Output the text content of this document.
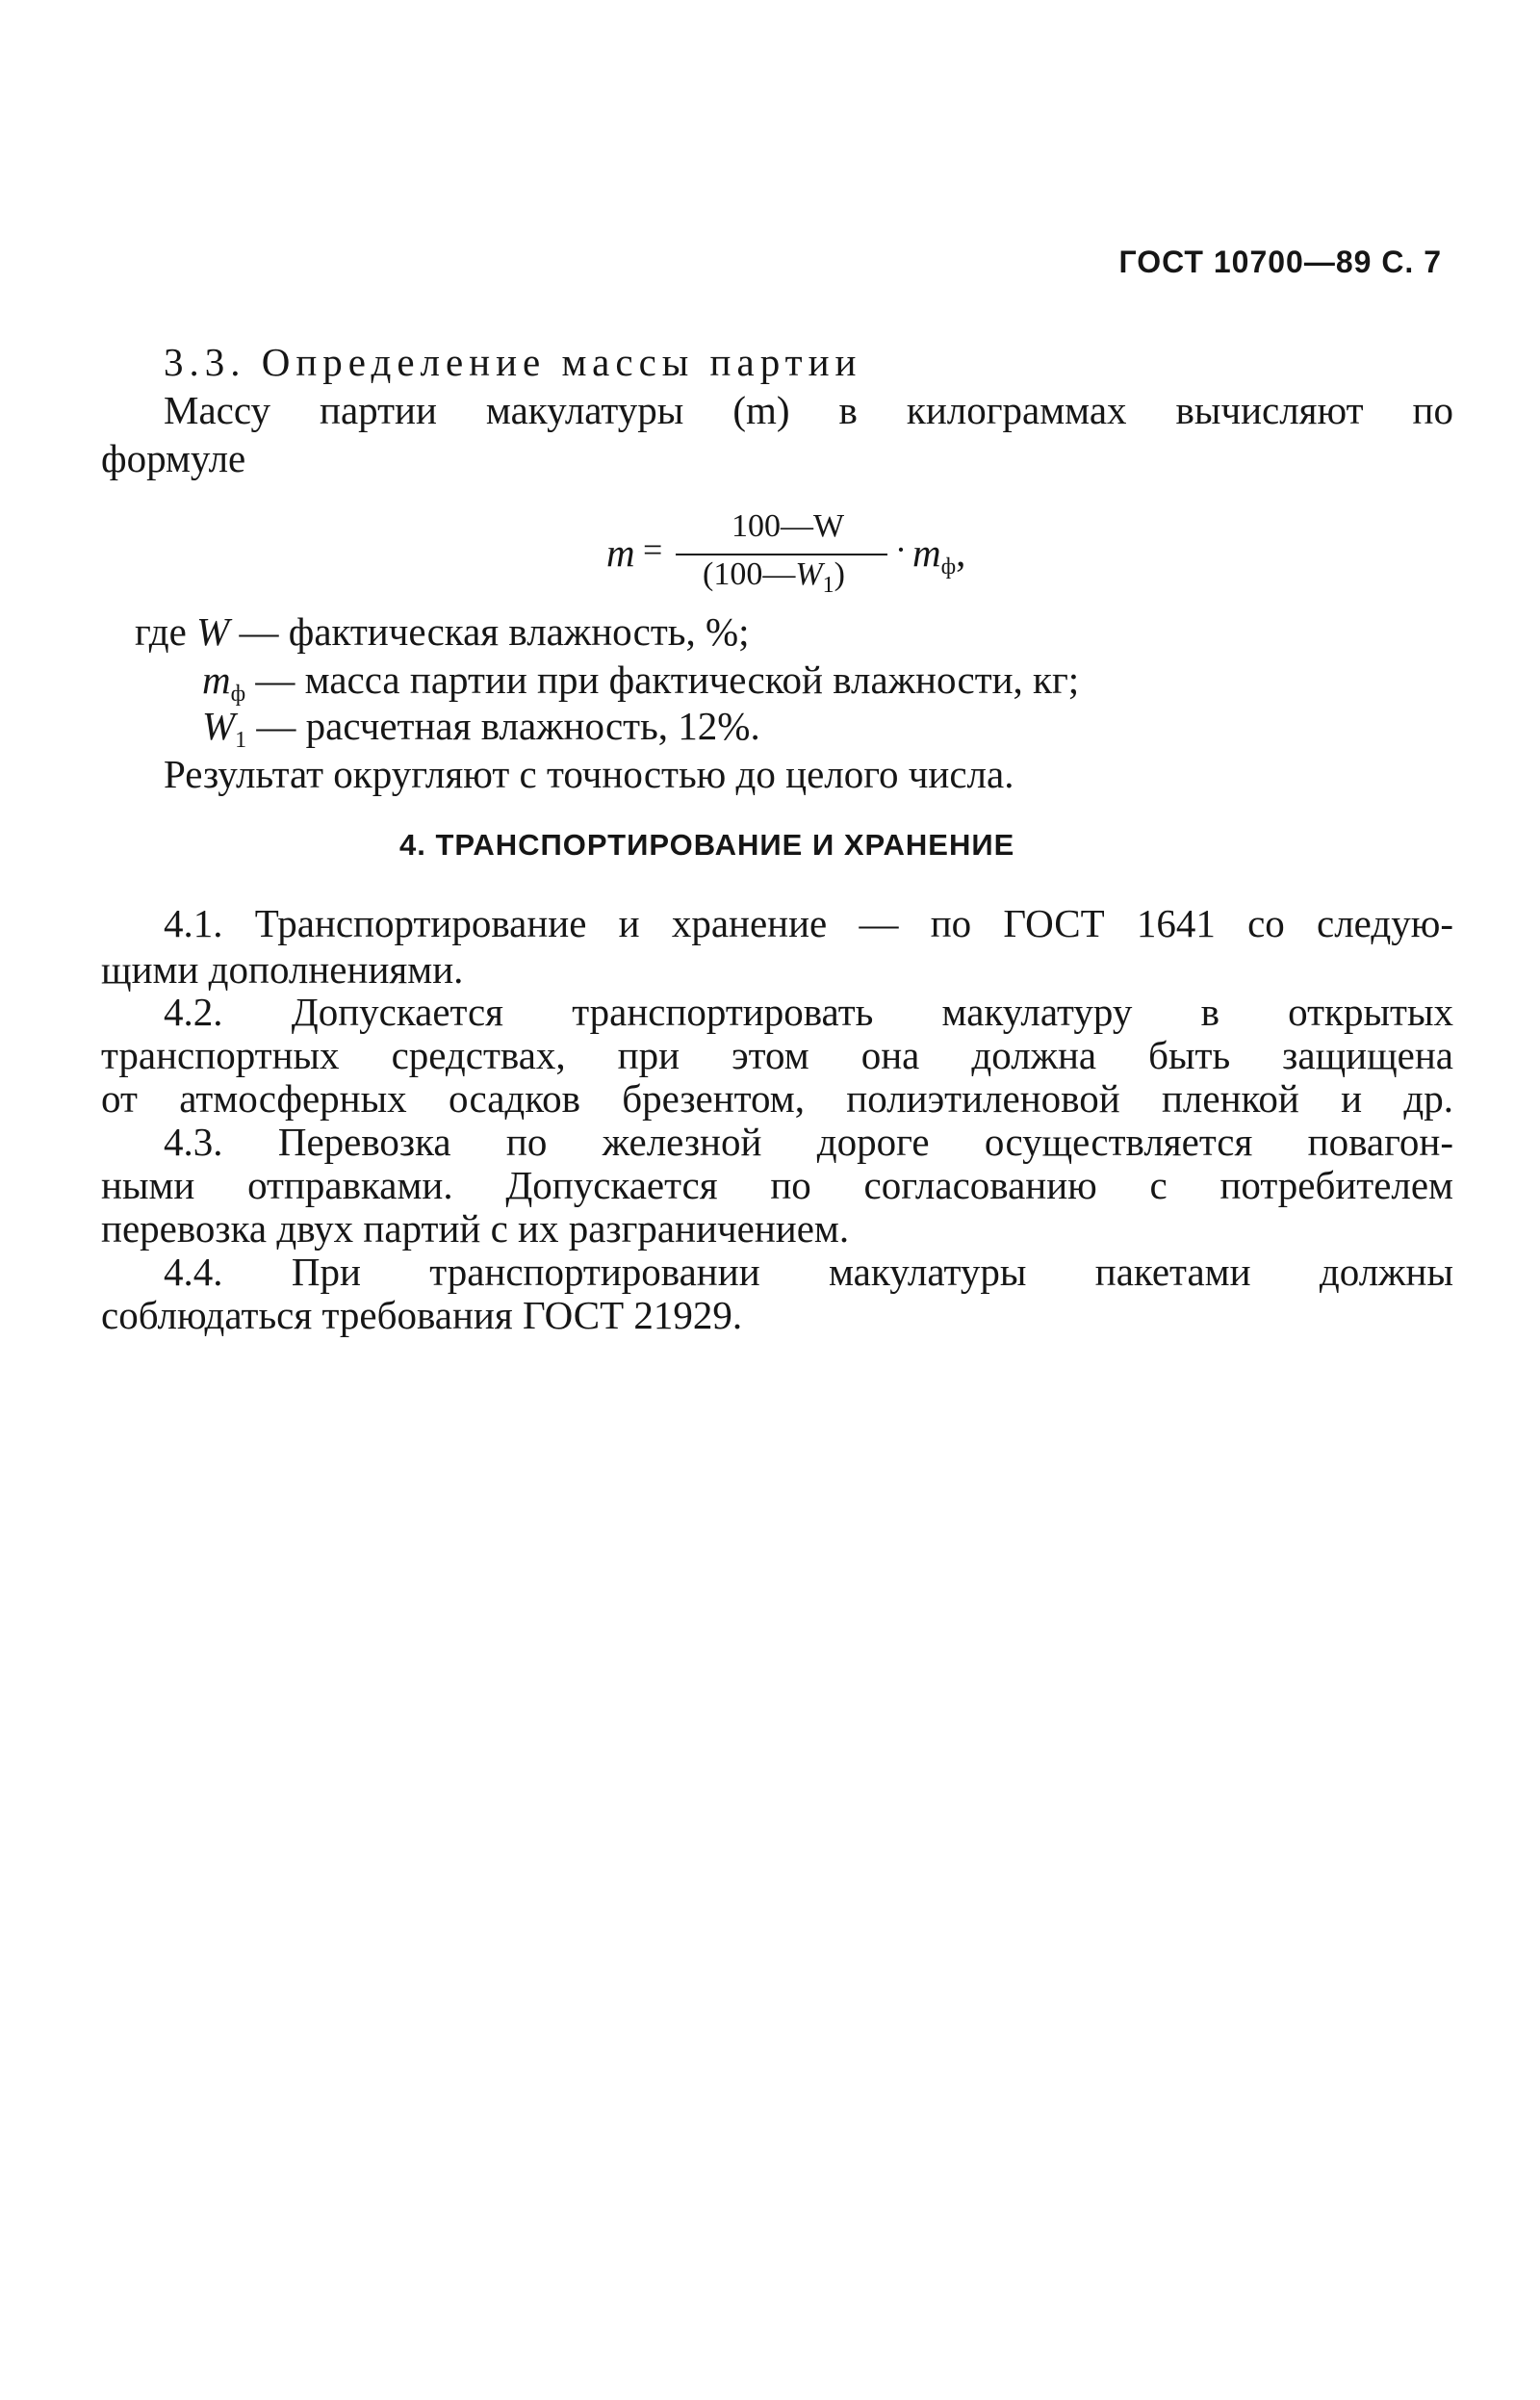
ГОСТ 10700—89 С. 7
3.3. Определение массы партии
Массу партии макулатуры (m) в килограммах вычисляют по
формуле
m =
100—W
$(100—W_1)$
· $m_ф$,
где W — фактическая влажность, %;
$m_ф$ — масса партии при фактической влажности, кг;
$W_1$ — расчетная влажность, 12%.
Результат округляют с точностью до целого числа.
4. ТРАНСПОРТИРОВАНИЕ И ХРАНЕНИЕ
4.1. Транспортирование и хранение — по ГОСТ 1641 со следую-
щими дополнениями.
4.2. Допускается транспортировать макулатуру в открытых
транспортных средствах, при этом она должна быть защищена
от атмосферных осадков брезентом, полиэтиленовой пленкой и др.
4.3. Перевозка по железной дороге осуществляется повагон-
ными отправками. Допускается по согласованию с потребителем
перевозка двух партий с их разграничением.
4.4. При транспортировании макулатуры пакетами должны
соблюдаться требования ГОСТ 21929.
